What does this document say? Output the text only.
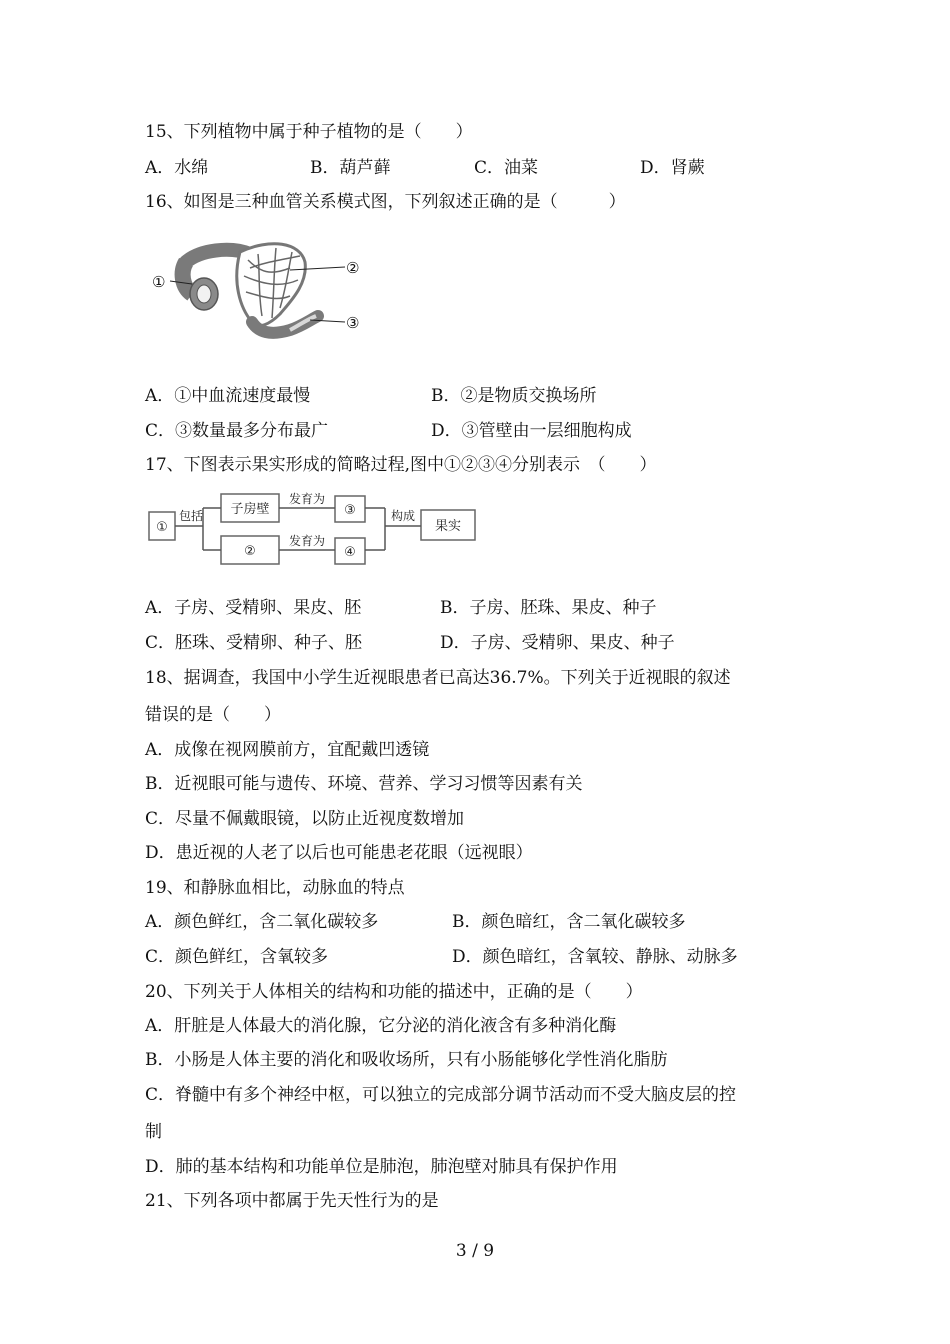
15、下列植物中属于种子植物的是（　　）
A．水绵	B．葫芦藓	C．油菜	D．肾蕨
16、如图是三种血管关系模式图，下列叙述正确的是（　　　）
①
②
③
A．①中血流速度最慢	B．②是物质交换场所
C．③数量最多分布最广	D．③管壁由一层细胞构成
17、下图表示果实形成的简略过程,图中①②③④分别表示　（　　）
①
包括 子房壁
②
发育为
发育为
③
④
构成
果实
A．子房、受精卵、果皮、胚	B．子房、胚珠、果皮、种子
C．胚珠、受精卵、种子、胚	D．子房、受精卵、果皮、种子
18、据调查，我国中小学生近视眼患者已高达36.7%。下列关于近视眼的叙述
错误的是（　　）
A．成像在视网膜前方，宜配戴凹透镜
B．近视眼可能与遗传、环境、营养、学习习惯等因素有关
C．尽量不佩戴眼镜，以防止近视度数增加
D．患近视的人老了以后也可能患老花眼（远视眼）
19、和静脉血相比，动脉血的特点
A．颜色鲜红，含二氧化碳较多	B．颜色暗红，含二氧化碳较多
C．颜色鲜红，含氧较多	D．颜色暗红，含氧较、静脉、动脉多
20、下列关于人体相关的结构和功能的描述中，正确的是（　　）
A．肝脏是人体最大的消化腺，它分泌的消化液含有多种消化酶
B．小肠是人体主要的消化和吸收场所，只有小肠能够化学性消化脂肪
C．脊髓中有多个神经中枢，可以独立的完成部分调节活动而不受大脑皮层的控
制
D．肺的基本结构和功能单位是肺泡，肺泡壁对肺具有保护作用
21、下列各项中都属于先天性行为的是
3 / 9
